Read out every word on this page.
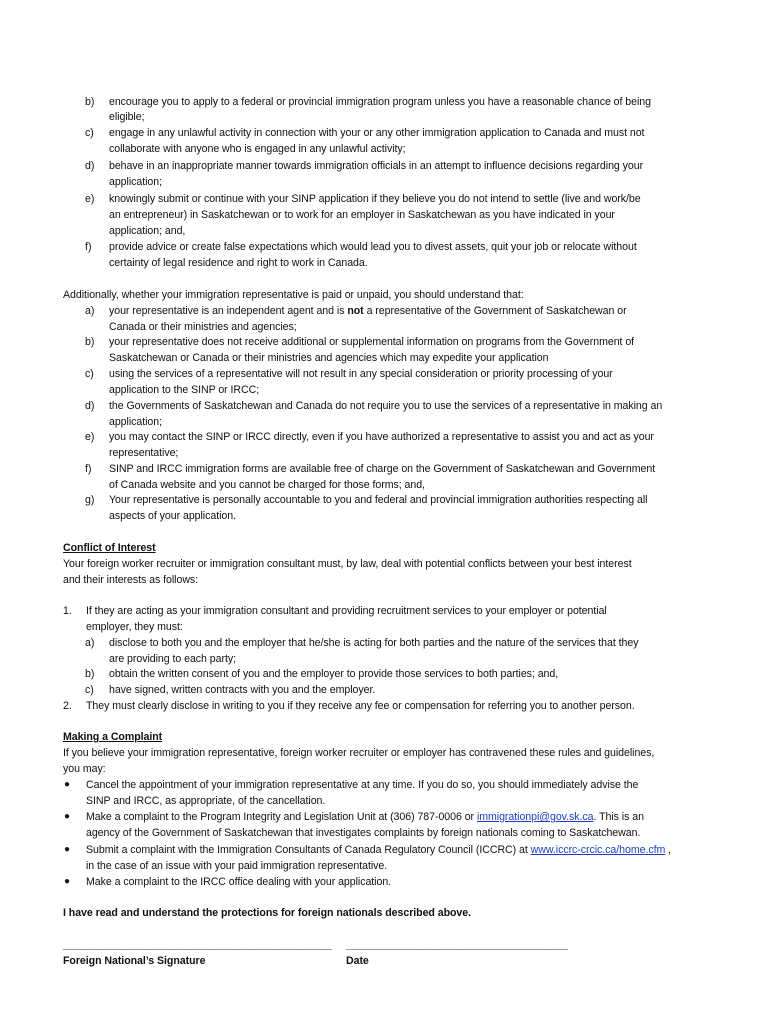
b) encourage you to apply to a federal or provincial immigration program unless you have a reasonable chance of being
eligible;
c) engage in any unlawful activity in connection with your or any other immigration application to Canada and must not
collaborate with anyone who is engaged in any unlawful activity;
d) behave in an inappropriate manner towards immigration officials in an attempt to influence decisions regarding your
application;
e) knowingly submit or continue with your SINP application if they believe you do not intend to settle (live and work/be
an entrepreneur) in Saskatchewan or to work for an employer in Saskatchewan as you have indicated in your
application; and,
f) provide advice or create false expectations which would lead you to divest assets, quit your job or relocate without
certainty of legal residence and right to work in Canada.
Additionally, whether your immigration representative is paid or unpaid, you should understand that:
a) your representative is an independent agent and is not a representative of the Government of Saskatchewan or
Canada or their ministries and agencies;
b) your representative does not receive additional or supplemental information on programs from the Government of
Saskatchewan or Canada or their ministries and agencies which may expedite your application
c) using the services of a representative will not result in any special consideration or priority processing of your
application to the SINP or IRCC;
d) the Governments of Saskatchewan and Canada do not require you to use the services of a representative in making an
application;
e) you may contact the SINP or IRCC directly, even if you have authorized a representative to assist you and act as your
representative;
f) SINP and IRCC immigration forms are available free of charge on the Government of Saskatchewan and Government
of Canada website and you cannot be charged for those forms; and,
g) Your representative is personally accountable to you and federal and provincial immigration authorities respecting all
aspects of your application.
Conflict of Interest
Your foreign worker recruiter or immigration consultant must, by law, deal with potential conflicts between your best interest
and their interests as follows:
1. If they are acting as your immigration consultant and providing recruitment services to your employer or potential
employer, they must:
a) disclose to both you and the employer that he/she is acting for both parties and the nature of the services that they
are providing to each party;
b) obtain the written consent of you and the employer to provide those services to both parties; and,
c) have signed, written contracts with you and the employer.
2. They must clearly disclose in writing to you if they receive any fee or compensation for referring you to another person.
Making a Complaint
If you believe your immigration representative, foreign worker recruiter or employer has contravened these rules and guidelines,
you may:
● Cancel the appointment of your immigration representative at any time. If you do so, you should immediately advise the
SINP and IRCC, as appropriate, of the cancellation.
● Make a complaint to the Program Integrity and Legislation Unit at (306) 787-0006 or immigrationpi@gov.sk.ca. This is an
agency of the Government of Saskatchewan that investigates complaints by foreign nationals coming to Saskatchewan.
● Submit a complaint with the Immigration Consultants of Canada Regulatory Council (ICCRC) at www.iccrc-crcic.ca/home.cfm ,
in the case of an issue with your paid immigration representative.
● Make a complaint to the IRCC office dealing with your application.
I have read and understand the protections for foreign nationals described above.
______________________________________________ ______________________________________
Foreign National’s Signature	Date
